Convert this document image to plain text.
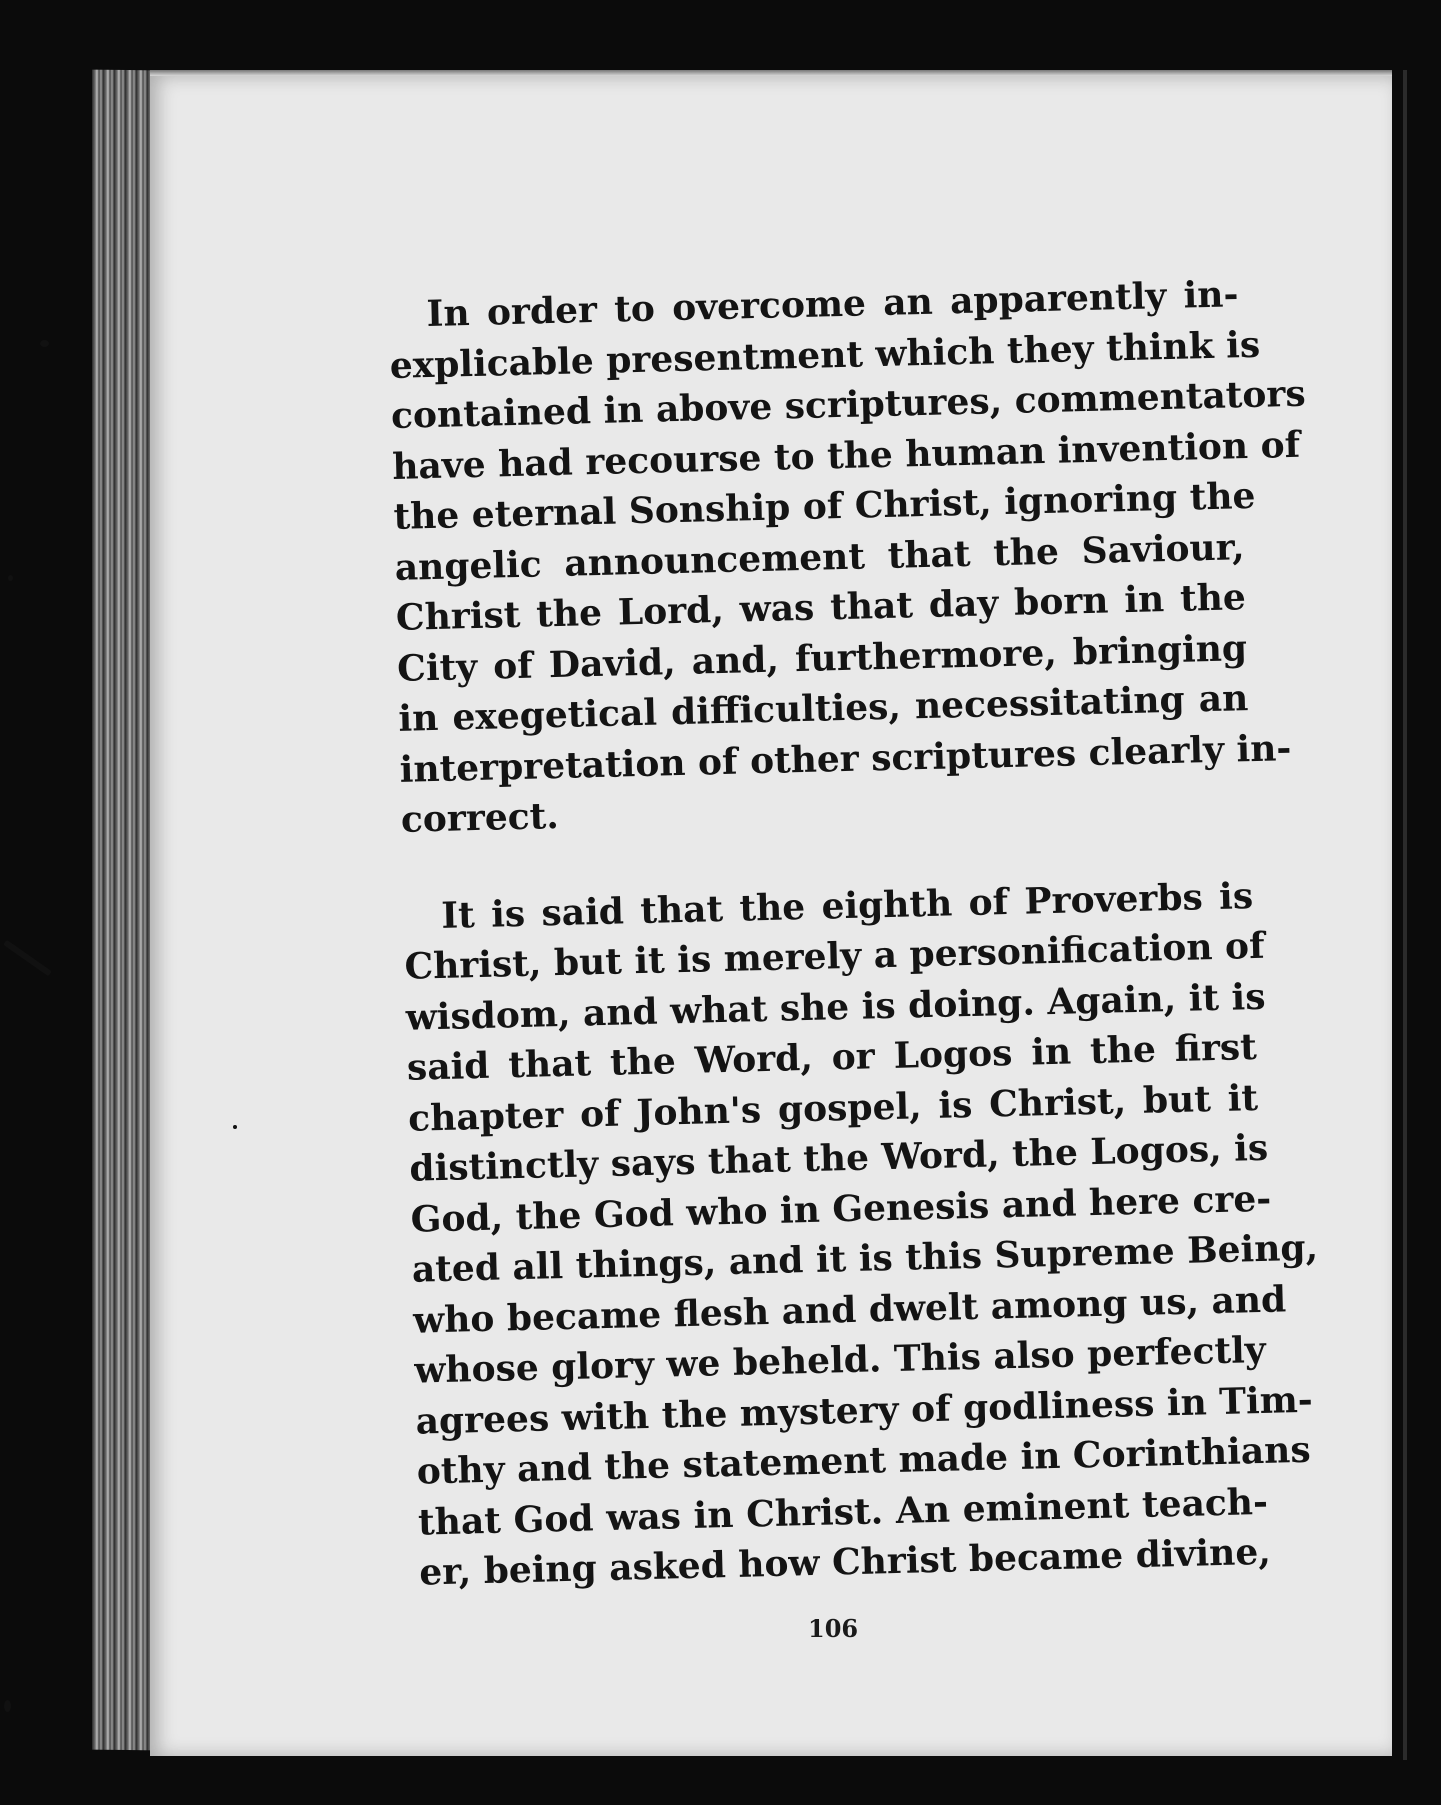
In order to overcome an apparently in-
explicable presentment which they think is
contained in above scriptures, commentators
have had recourse to the human invention of
the eternal Sonship of Christ, ignoring the
angelic announcement that the Saviour,
Christ the Lord, was that day born in the
City of David, and, furthermore, bringing
in exegetical difficulties, necessitating an
interpretation of other scriptures clearly in-
correct.
It is said that the eighth of Proverbs is
Christ, but it is merely a personification of
wisdom, and what she is doing. Again, it is
said that the Word, or Logos in the first
chapter of John's gospel, is Christ, but it
distinctly says that the Word, the Logos, is
God, the God who in Genesis and here cre-
ated all things, and it is this Supreme Being,
who became flesh and dwelt among us, and
whose glory we beheld. This also perfectly
agrees with the mystery of godliness in Tim-
othy and the statement made in Corinthians
that God was in Christ. An eminent teach-
er, being asked how Christ became divine,
106
